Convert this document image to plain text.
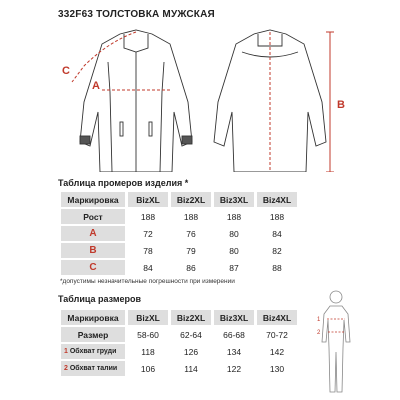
332F63 ТОЛСТОВКА МУЖСКАЯ
C
A
B
Таблица промеров изделия *
Маркировка	BizXL	Biz2XL	Biz3XL	Biz4XL
Рост	188	188	188	188
A	72	76	80	84
B	78	79	80	82
C	84	86	87	88
*допустимы незначительные погрешности при измерении
Таблица размеров
Маркировка	BizXL	Biz2XL	Biz3XL	Biz4XL
Размер	58-60	62-64	66-68	70-72
1 Обхват груди	118	126	134	142
2 Обхват талии	106	114	122	130
1
2
